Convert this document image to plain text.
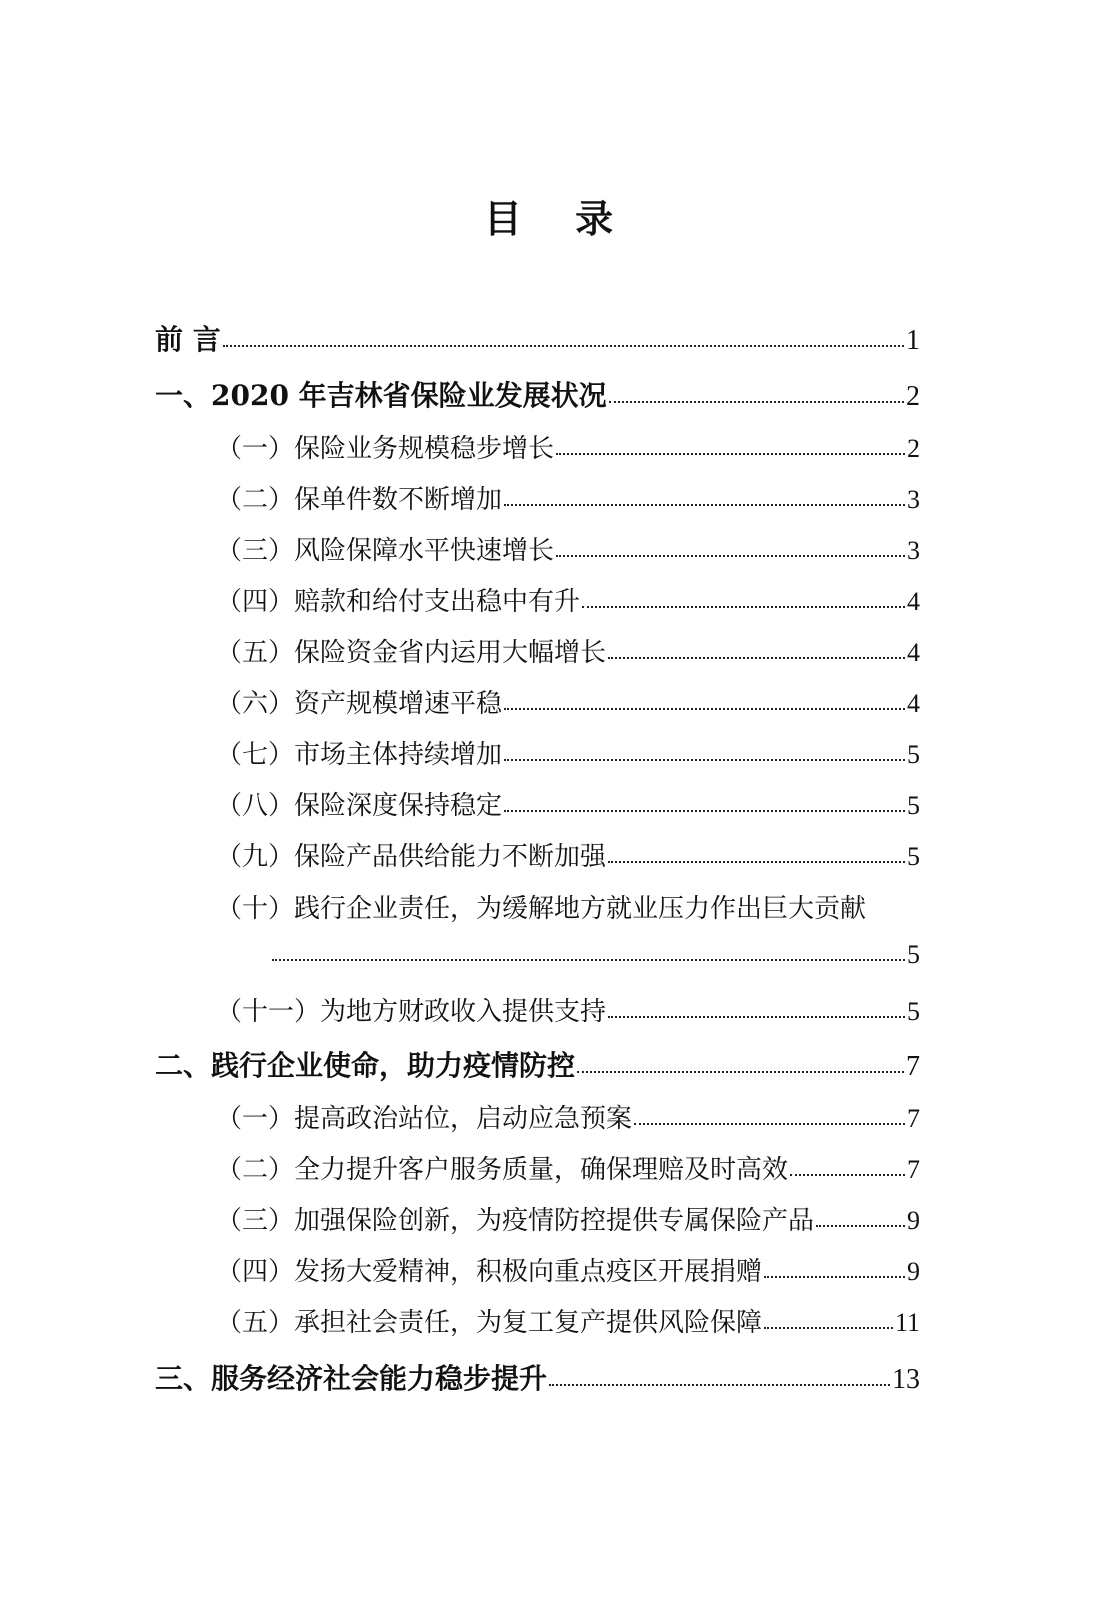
目 录
前 言	1
一、2020 年吉林省保险业发展状况	2
（一）保险业务规模稳步增长	2
（二）保单件数不断增加	3
（三）风险保障水平快速增长	3
（四）赔款和给付支出稳中有升	4
（五）保险资金省内运用大幅增长	4
（六）资产规模增速平稳	4
（七）市场主体持续增加	5
（八）保险深度保持稳定	5
（九）保险产品供给能力不断加强	5
（十）践行企业责任，为缓解地方就业压力作出巨大贡献
5
（十一）为地方财政收入提供支持	5
二、践行企业使命，助力疫情防控	7
（一）提高政治站位，启动应急预案	7
（二）全力提升客户服务质量，确保理赔及时高效	7
（三）加强保险创新，为疫情防控提供专属保险产品	9
（四）发扬大爱精神，积极向重点疫区开展捐赠	9
（五）承担社会责任，为复工复产提供风险保障	11
三、服务经济社会能力稳步提升	13
